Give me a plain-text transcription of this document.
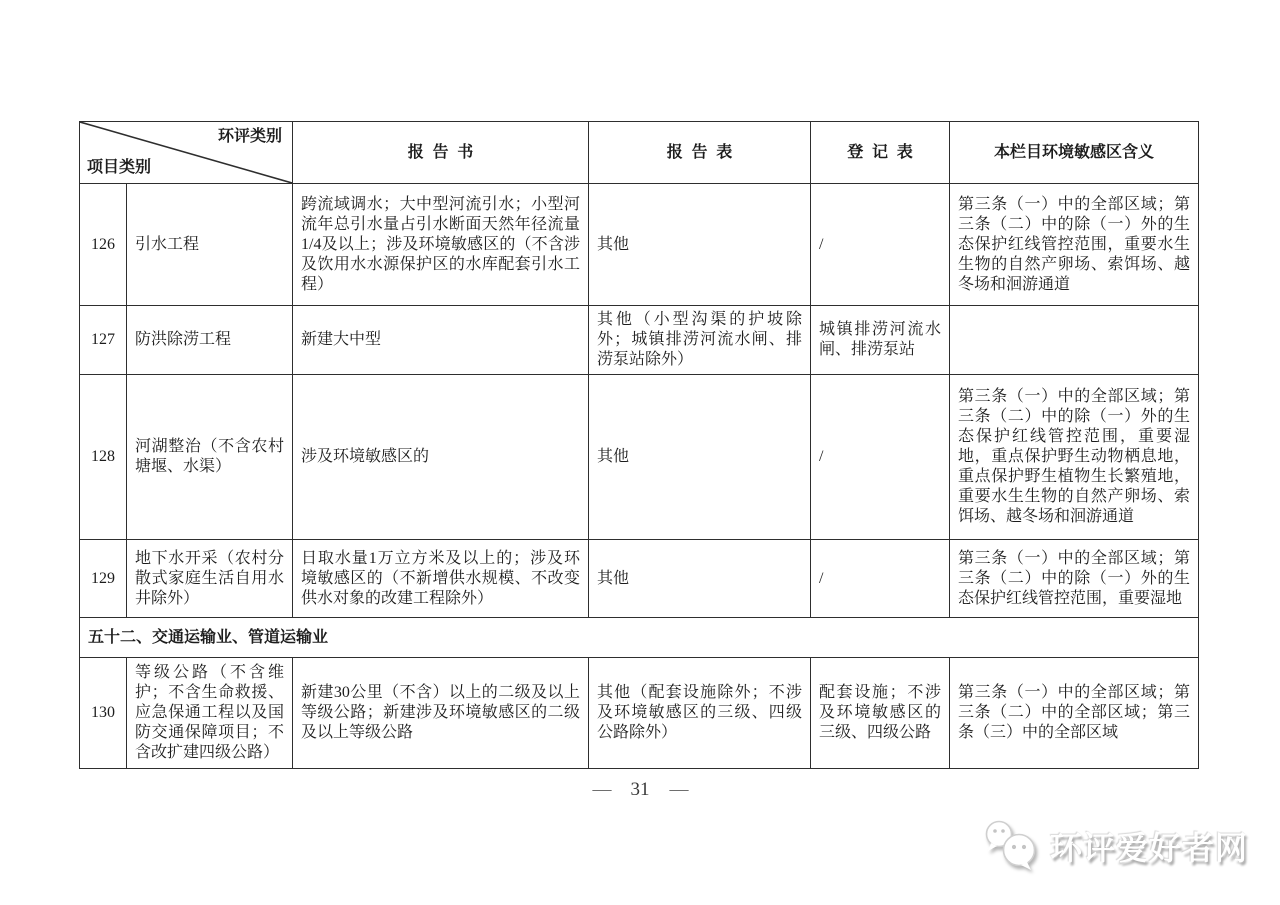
环评类别
项目类别		报告书	报告表	登记表	本栏目环境敏感区含义
126	引水工程	跨流域调水；大中型河流引水；小型河流年总引水量占引水断面天然年径流量1/4及以上；涉及环境敏感区的（不含涉及饮用水水源保护区的水库配套引水工程）	其他	/	第三条（一）中的全部区域；第三条（二）中的除（一）外的生态保护红线管控范围，重要水生生物的自然产卵场、索饵场、越冬场和洄游通道
127	防洪除涝工程	新建大中型	其他（小型沟渠的护坡除外；城镇排涝河流水闸、排涝泵站除外）	城镇排涝河流水闸、排涝泵站	
128	河湖整治（不含农村塘堰、水渠）	涉及环境敏感区的	其他	/	第三条（一）中的全部区域；第三条（二）中的除（一）外的生态保护红线管控范围，重要湿地，重点保护野生动物栖息地，重点保护野生植物生长繁殖地，重要水生生物的自然产卵场、索饵场、越冬场和洄游通道
129	地下水开采（农村分散式家庭生活自用水井除外）	日取水量1万立方米及以上的；涉及环境敏感区的（不新增供水规模、不改变供水对象的改建工程除外）	其他	/	第三条（一）中的全部区域；第三条（二）中的除（一）外的生态保护红线管控范围，重要湿地
五十二、交通运输业、管道运输业					
130	等级公路（不含维护；不含生命救援、应急保通工程以及国防交通保障项目；不含改扩建四级公路）	新建30公里（不含）以上的二级及以上等级公路；新建涉及环境敏感区的二级及以上等级公路	其他（配套设施除外；不涉及环境敏感区的三级、四级公路除外）	配套设施；不涉及环境敏感区的三级、四级公路	第三条（一）中的全部区域；第三条（二）中的全部区域；第三条（三）中的全部区域
— 31 —
环评爱好者网
